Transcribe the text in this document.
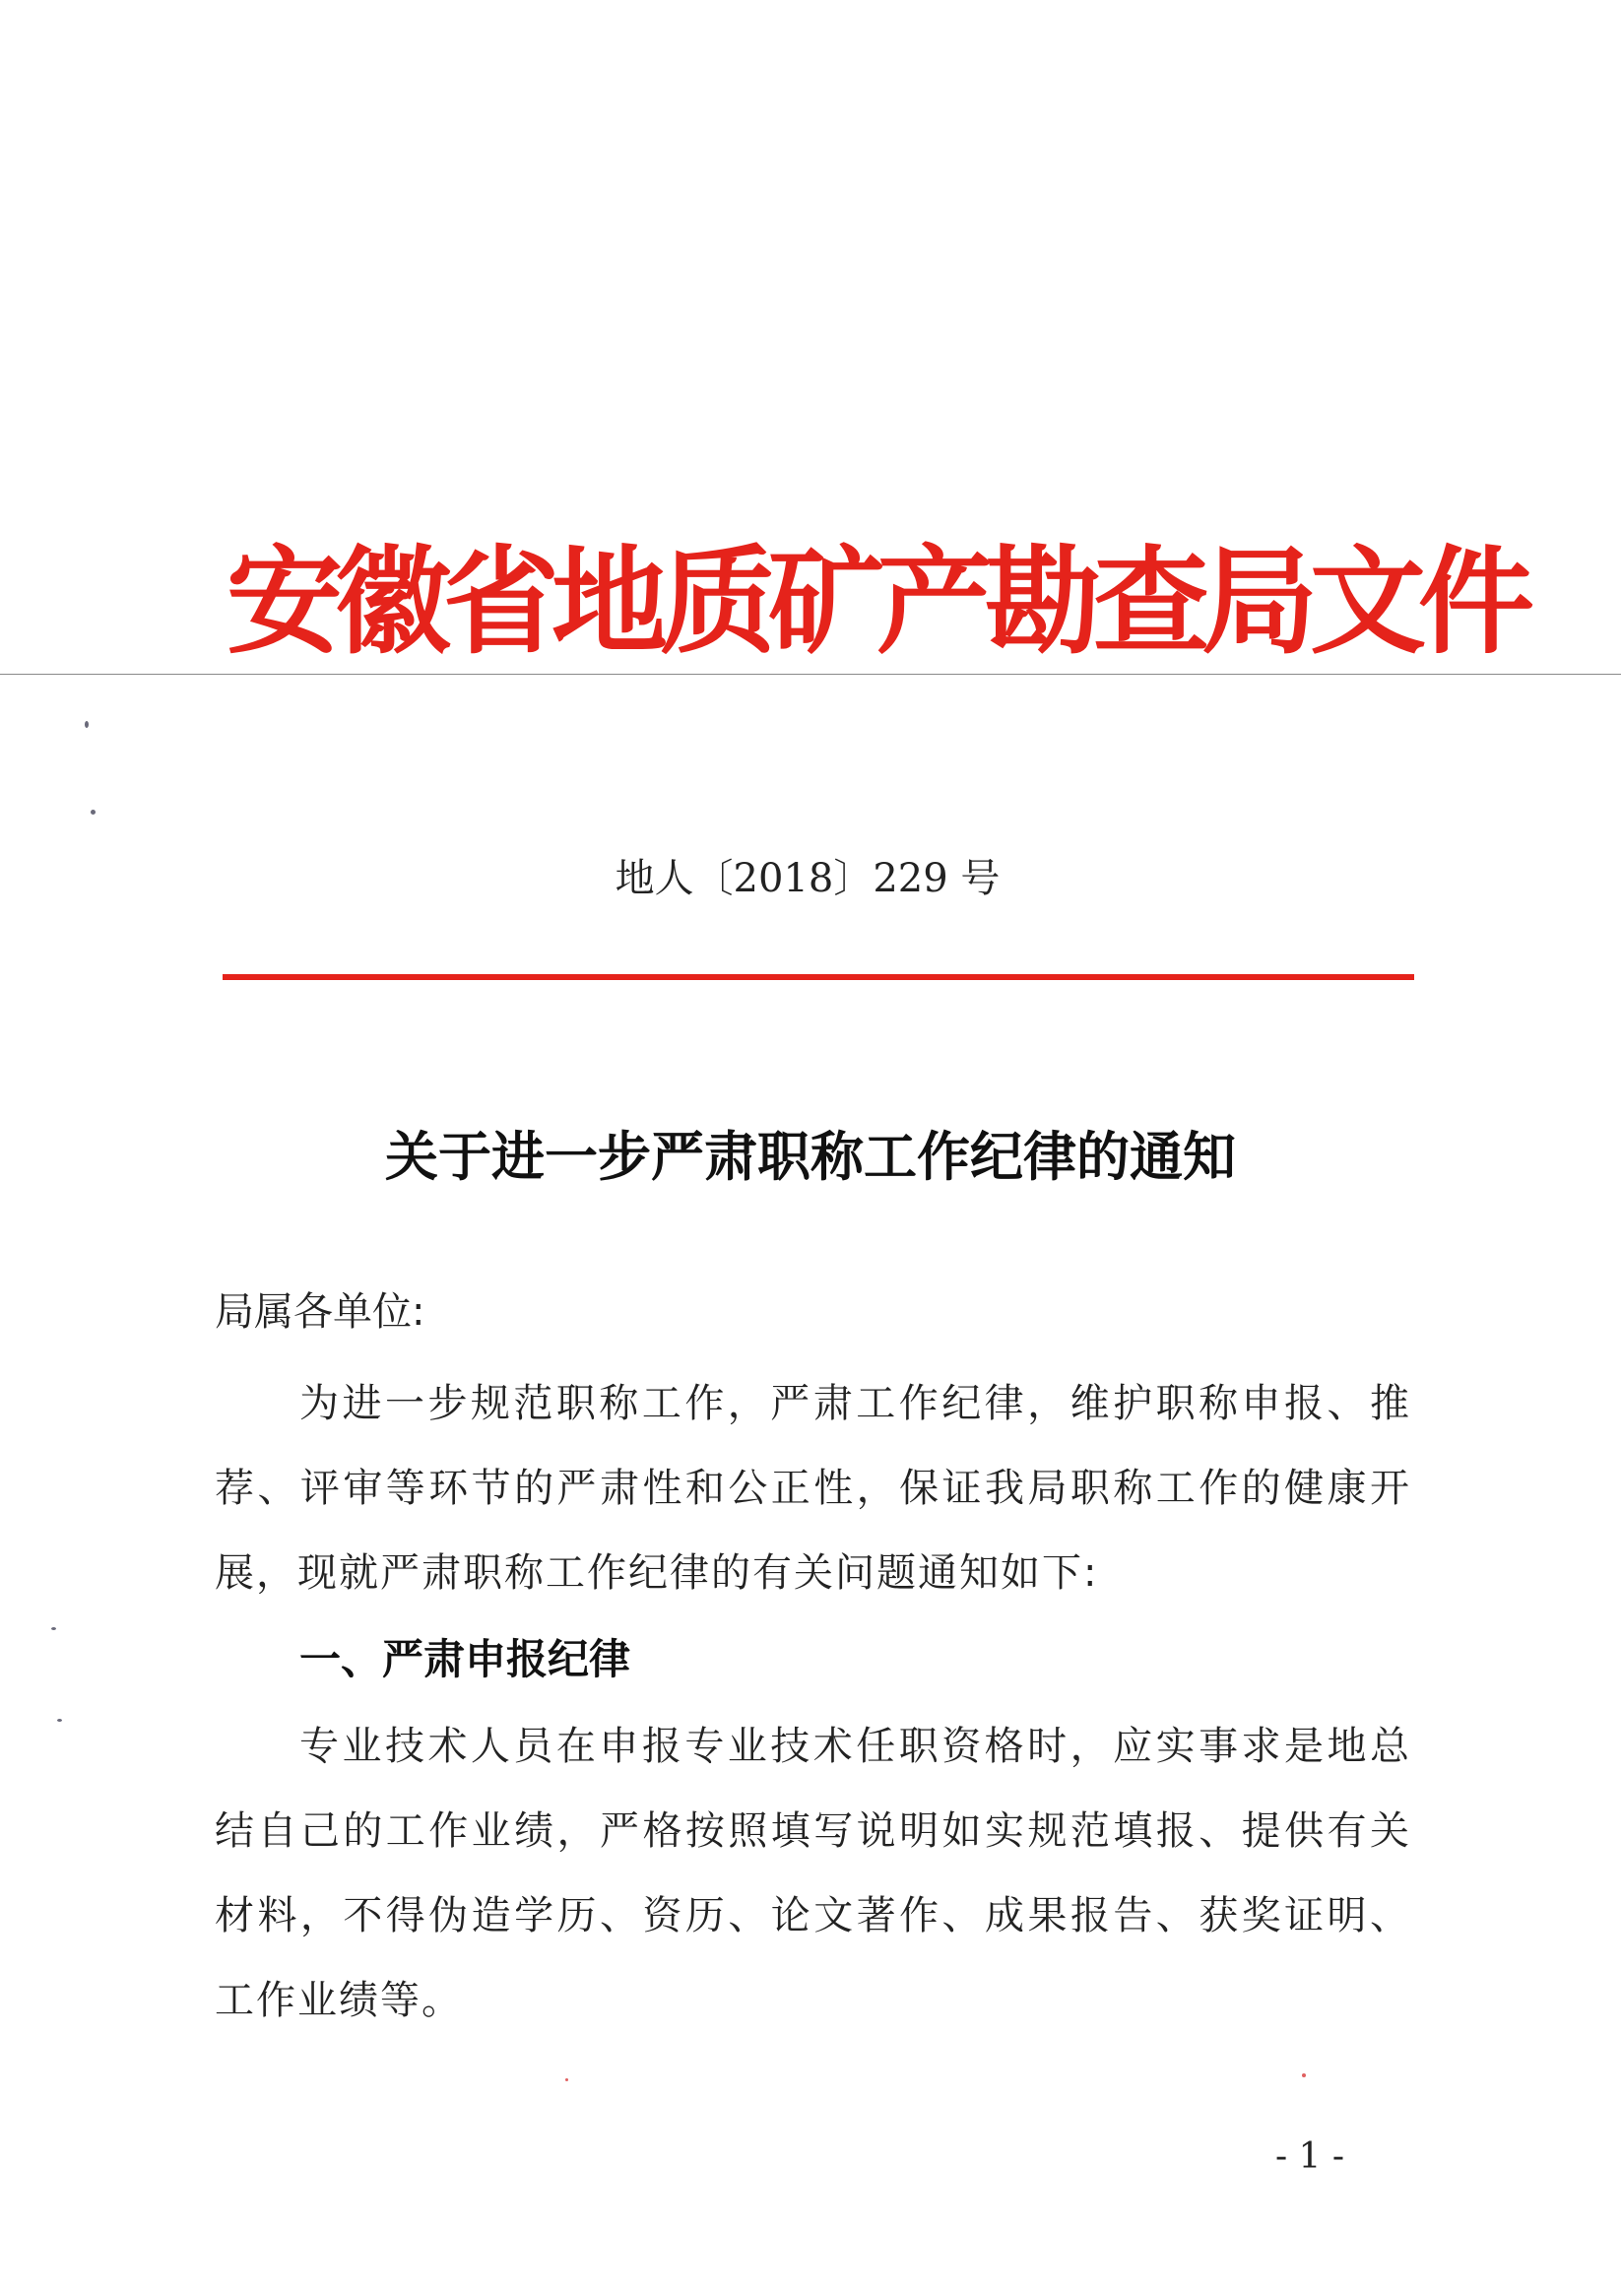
安徽省地质矿产勘查局文件
地人〔2018〕229 号
关于进一步严肃职称工作纪律的通知
局属各单位:
为进一步规范职称工作，严肃工作纪律，维护职称申报、推荐、评审等环节的严肃性和公正性，保证我局职称工作的健康开展，现就严肃职称工作纪律的有关问题通知如下:
一、严肃申报纪律
专业技术人员在申报专业技术任职资格时，应实事求是地总结自己的工作业绩，严格按照填写说明如实规范填报、提供有关材料，不得伪造学历、资历、论文著作、成果报告、获奖证明、工作业绩等。
- 1 -
